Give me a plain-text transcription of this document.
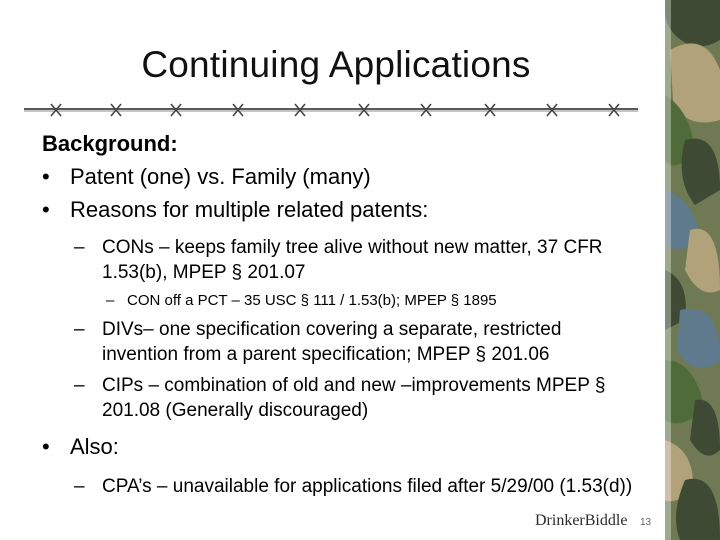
Continuing Applications

Background:

• Patent (one) vs. Family (many)
• Reasons for multiple related patents:
– CONs – keeps family tree alive without new matter, 37 CFR 1.53(b), MPEP § 201.07
– CON off a PCT – 35 USC § 111 / 1.53(b); MPEP § 1895
– DIVs– one specification covering a separate, restricted invention from a parent specification; MPEP § 201.06
– CIPs – combination of old and new –improvements MPEP § 201.08 (Generally discouraged)
• Also:
– CPA’s – unavailable for applications filed after 5/29/00 (1.53(d))
DrinkerBiddle 13
